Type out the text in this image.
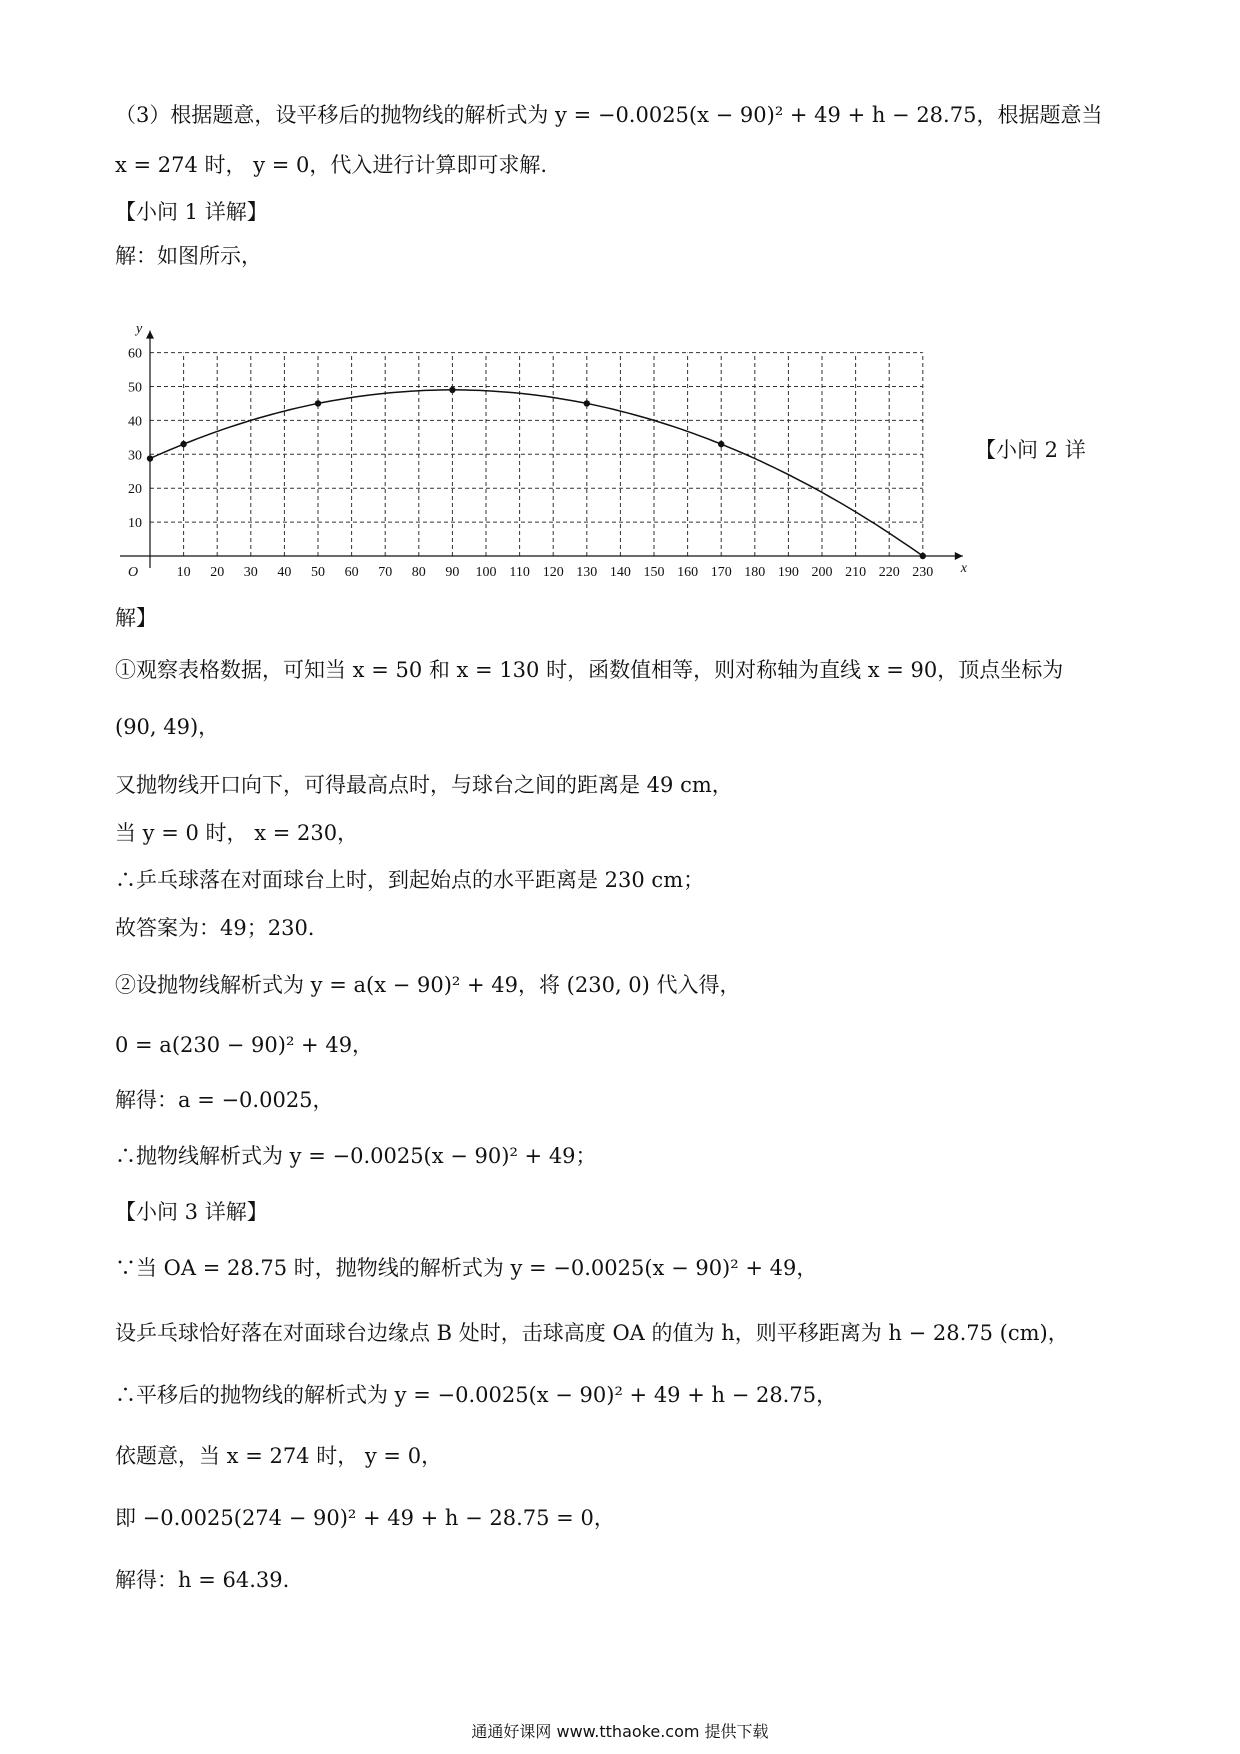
（3）根据题意，设平移后的抛物线的解析式为 y = −0.0025(x − 90)² + 49 + h − 28.75，根据题意当
x = 274 时， y = 0，代入进行计算即可求解.
【小问 1 详解】
解：如图所示，
10 20 30 40 50 60 70 80 90 100 110 120 130 140 150 160 170 180 190 200 210 220 230
10
20
30
40
50
60
O	x
y
【小问 2 详
解】
①观察表格数据，可知当 x = 50 和 x = 130 时，函数值相等，则对称轴为直线 x = 90，顶点坐标为
(90, 49)，
又抛物线开口向下，可得最高点时，与球台之间的距离是 49 cm，
当 y = 0 时， x = 230，
∴乒乓球落在对面球台上时，到起始点的水平距离是 230 cm；
故答案为：49；230.
②设抛物线解析式为 y = a(x − 90)² + 49，将 (230, 0) 代入得，
0 = a(230 − 90)² + 49，
解得：a = −0.0025，
∴抛物线解析式为 y = −0.0025(x − 90)² + 49；
【小问 3 详解】
∵当 OA = 28.75 时，抛物线的解析式为 y = −0.0025(x − 90)² + 49，
设乒乓球恰好落在对面球台边缘点 B 处时，击球高度 OA 的值为 h，则平移距离为 h − 28.75 (cm)，
∴平移后的抛物线的解析式为 y = −0.0025(x − 90)² + 49 + h − 28.75，
依题意，当 x = 274 时， y = 0，
即 −0.0025(274 − 90)² + 49 + h − 28.75 = 0，
解得：h = 64.39.
通通好课网 www.tthaoke.com 提供下载
